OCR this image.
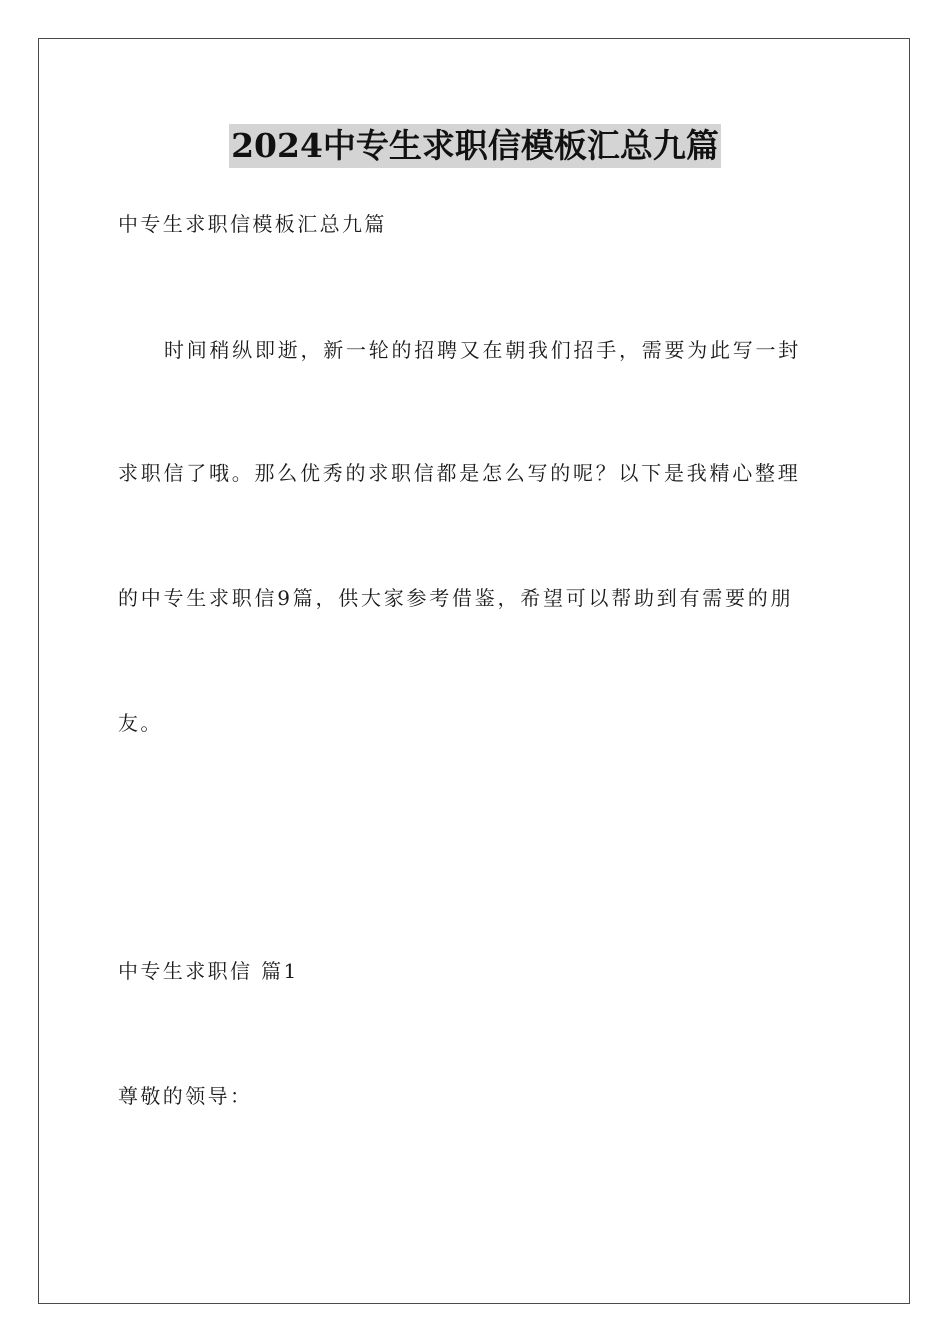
2024中专生求职信模板汇总九篇
中专生求职信模板汇总九篇
时间稍纵即逝，新一轮的招聘又在朝我们招手，需要为此写一封
求职信了哦。那么优秀的求职信都是怎么写的呢？以下是我精心整理
的中专生求职信9篇，供大家参考借鉴，希望可以帮助到有需要的朋
友。
中专生求职信 篇1
尊敬的领导：
